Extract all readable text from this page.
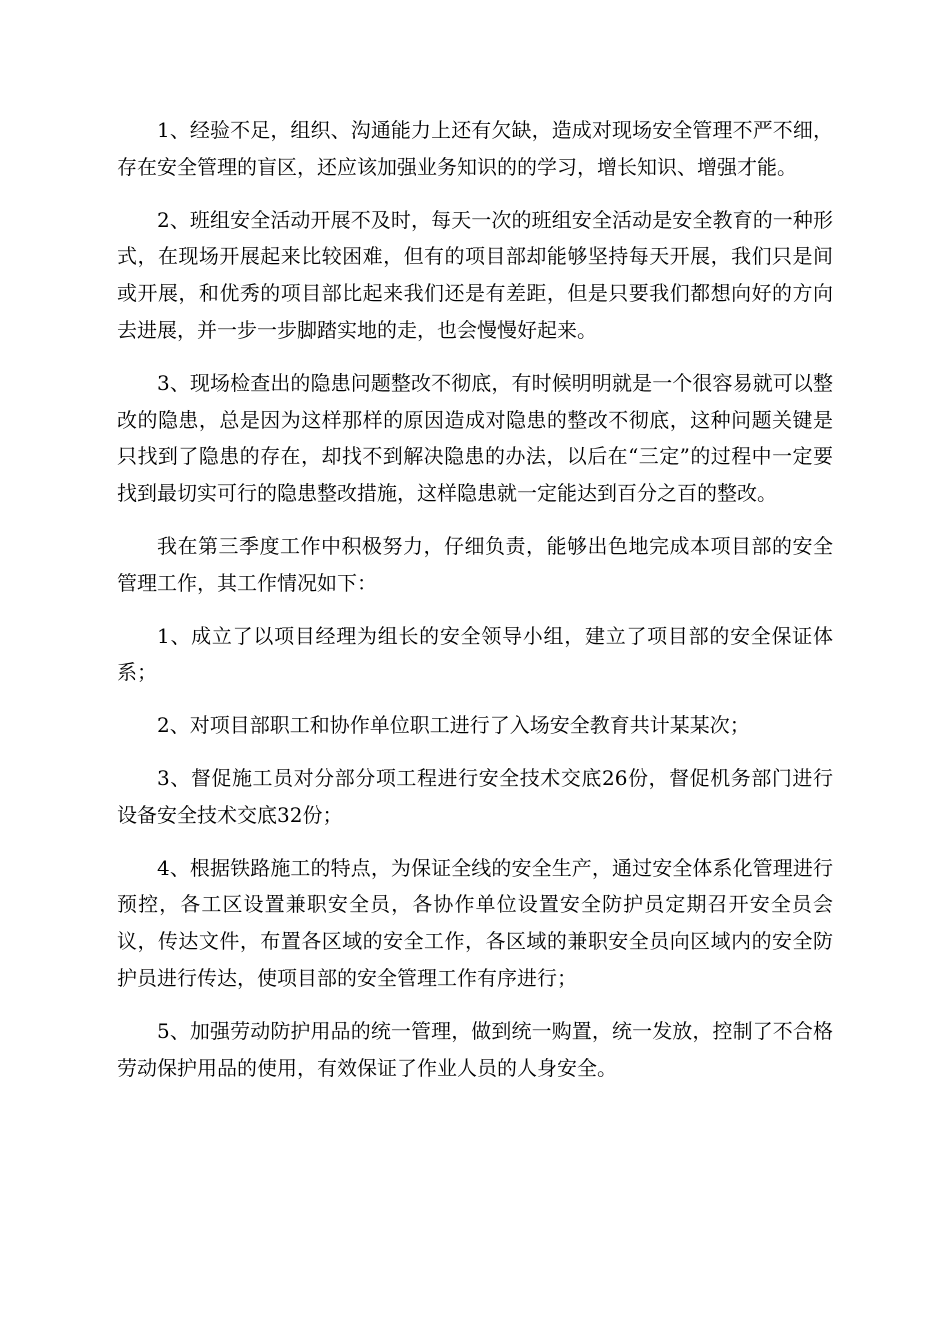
1、经验不足，组织、沟通能力上还有欠缺，造成对现场安全管理不严不细，存在安全管理的盲区，还应该加强业务知识的的学习，增长知识、增强才能。

2、班组安全活动开展不及时，每天一次的班组安全活动是安全教育的一种形式，在现场开展起来比较困难，但有的项目部却能够坚持每天开展，我们只是间或开展，和优秀的项目部比起来我们还是有差距，但是只要我们都想向好的方向去进展，并一步一步脚踏实地的走，也会慢慢好起来。

3、现场检查出的隐患问题整改不彻底，有时候明明就是一个很容易就可以整改的隐患，总是因为这样那样的原因造成对隐患的整改不彻底，这种问题关键是只找到了隐患的存在，却找不到解决隐患的办法，以后在“三定”的过程中一定要找到最切实可行的隐患整改措施，这样隐患就一定能达到百分之百的整改。

我在第三季度工作中积极努力，仔细负责，能够出色地完成本项目部的安全管理工作，其工作情况如下：

1、成立了以项目经理为组长的安全领导小组，建立了项目部的安全保证体系；

2、对项目部职工和协作单位职工进行了入场安全教育共计某某次；

3、督促施工员对分部分项工程进行安全技术交底26份，督促机务部门进行设备安全技术交底32份；

4、根据铁路施工的特点，为保证全线的安全生产，通过安全体系化管理进行预控，各工区设置兼职安全员，各协作单位设置安全防护员定期召开安全员会议，传达文件，布置各区域的安全工作，各区域的兼职安全员向区域内的安全防护员进行传达，使项目部的安全管理工作有序进行；

5、加强劳动防护用品的统一管理，做到统一购置，统一发放，控制了不合格劳动保护用品的使用，有效保证了作业人员的人身安全。
